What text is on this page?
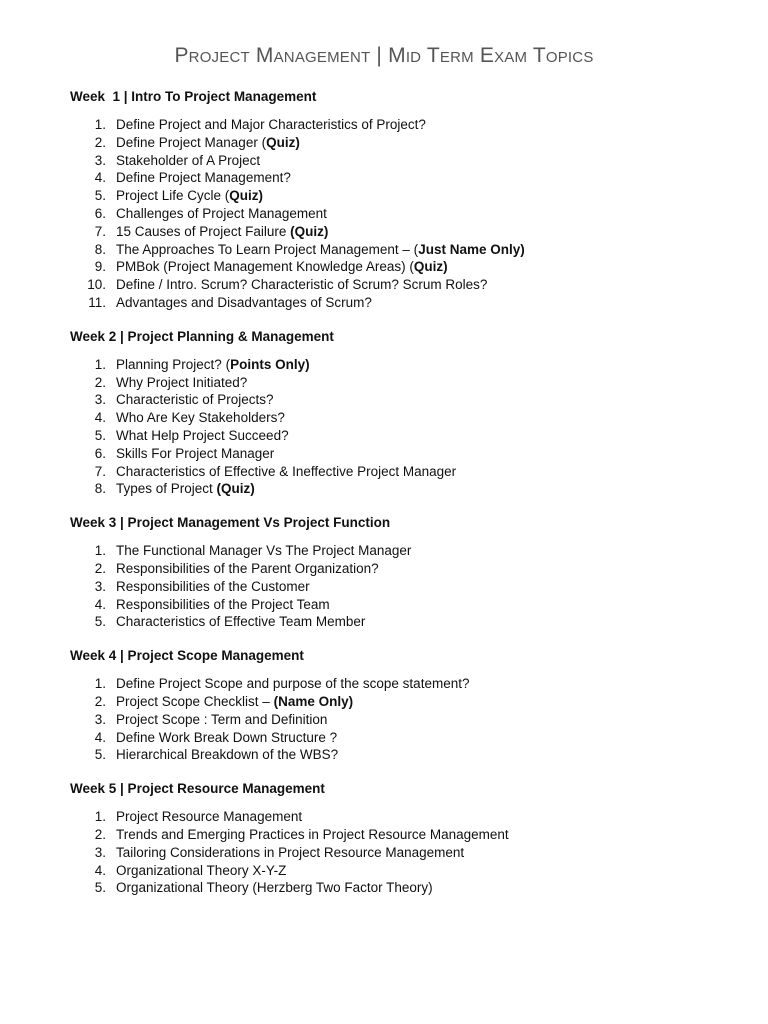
Project Management | Mid Term Exam Topics
Week  1 | Intro To Project Management
1. Define Project and Major Characteristics of Project?
2. Define Project Manager (Quiz)
3. Stakeholder of A Project
4. Define Project Management?
5. Project Life Cycle (Quiz)
6. Challenges of Project Management
7. 15 Causes of Project Failure (Quiz)
8. The Approaches To Learn Project Management – (Just Name Only)
9. PMBok (Project Management Knowledge Areas) (Quiz)
10. Define / Intro. Scrum? Characteristic of Scrum? Scrum Roles?
11. Advantages and Disadvantages of Scrum?
Week 2 | Project Planning & Management
1. Planning Project? (Points Only)
2. Why Project Initiated?
3. Characteristic of Projects?
4. Who Are Key Stakeholders?
5. What Help Project Succeed?
6. Skills For Project Manager
7. Characteristics of Effective & Ineffective Project Manager
8. Types of Project (Quiz)
Week 3 | Project Management Vs Project Function
1. The Functional Manager Vs The Project Manager
2. Responsibilities of the Parent Organization?
3. Responsibilities of the Customer
4. Responsibilities of the Project Team
5. Characteristics of Effective Team Member
Week 4 | Project Scope Management
1. Define Project Scope and purpose of the scope statement?
2. Project Scope Checklist – (Name Only)
3. Project Scope : Term and Definition
4. Define Work Break Down Structure ?
5. Hierarchical Breakdown of the WBS?
Week 5 | Project Resource Management
1. Project Resource Management
2. Trends and Emerging Practices in Project Resource Management
3. Tailoring Considerations in Project Resource Management
4. Organizational Theory X-Y-Z
5. Organizational Theory (Herzberg Two Factor Theory)
